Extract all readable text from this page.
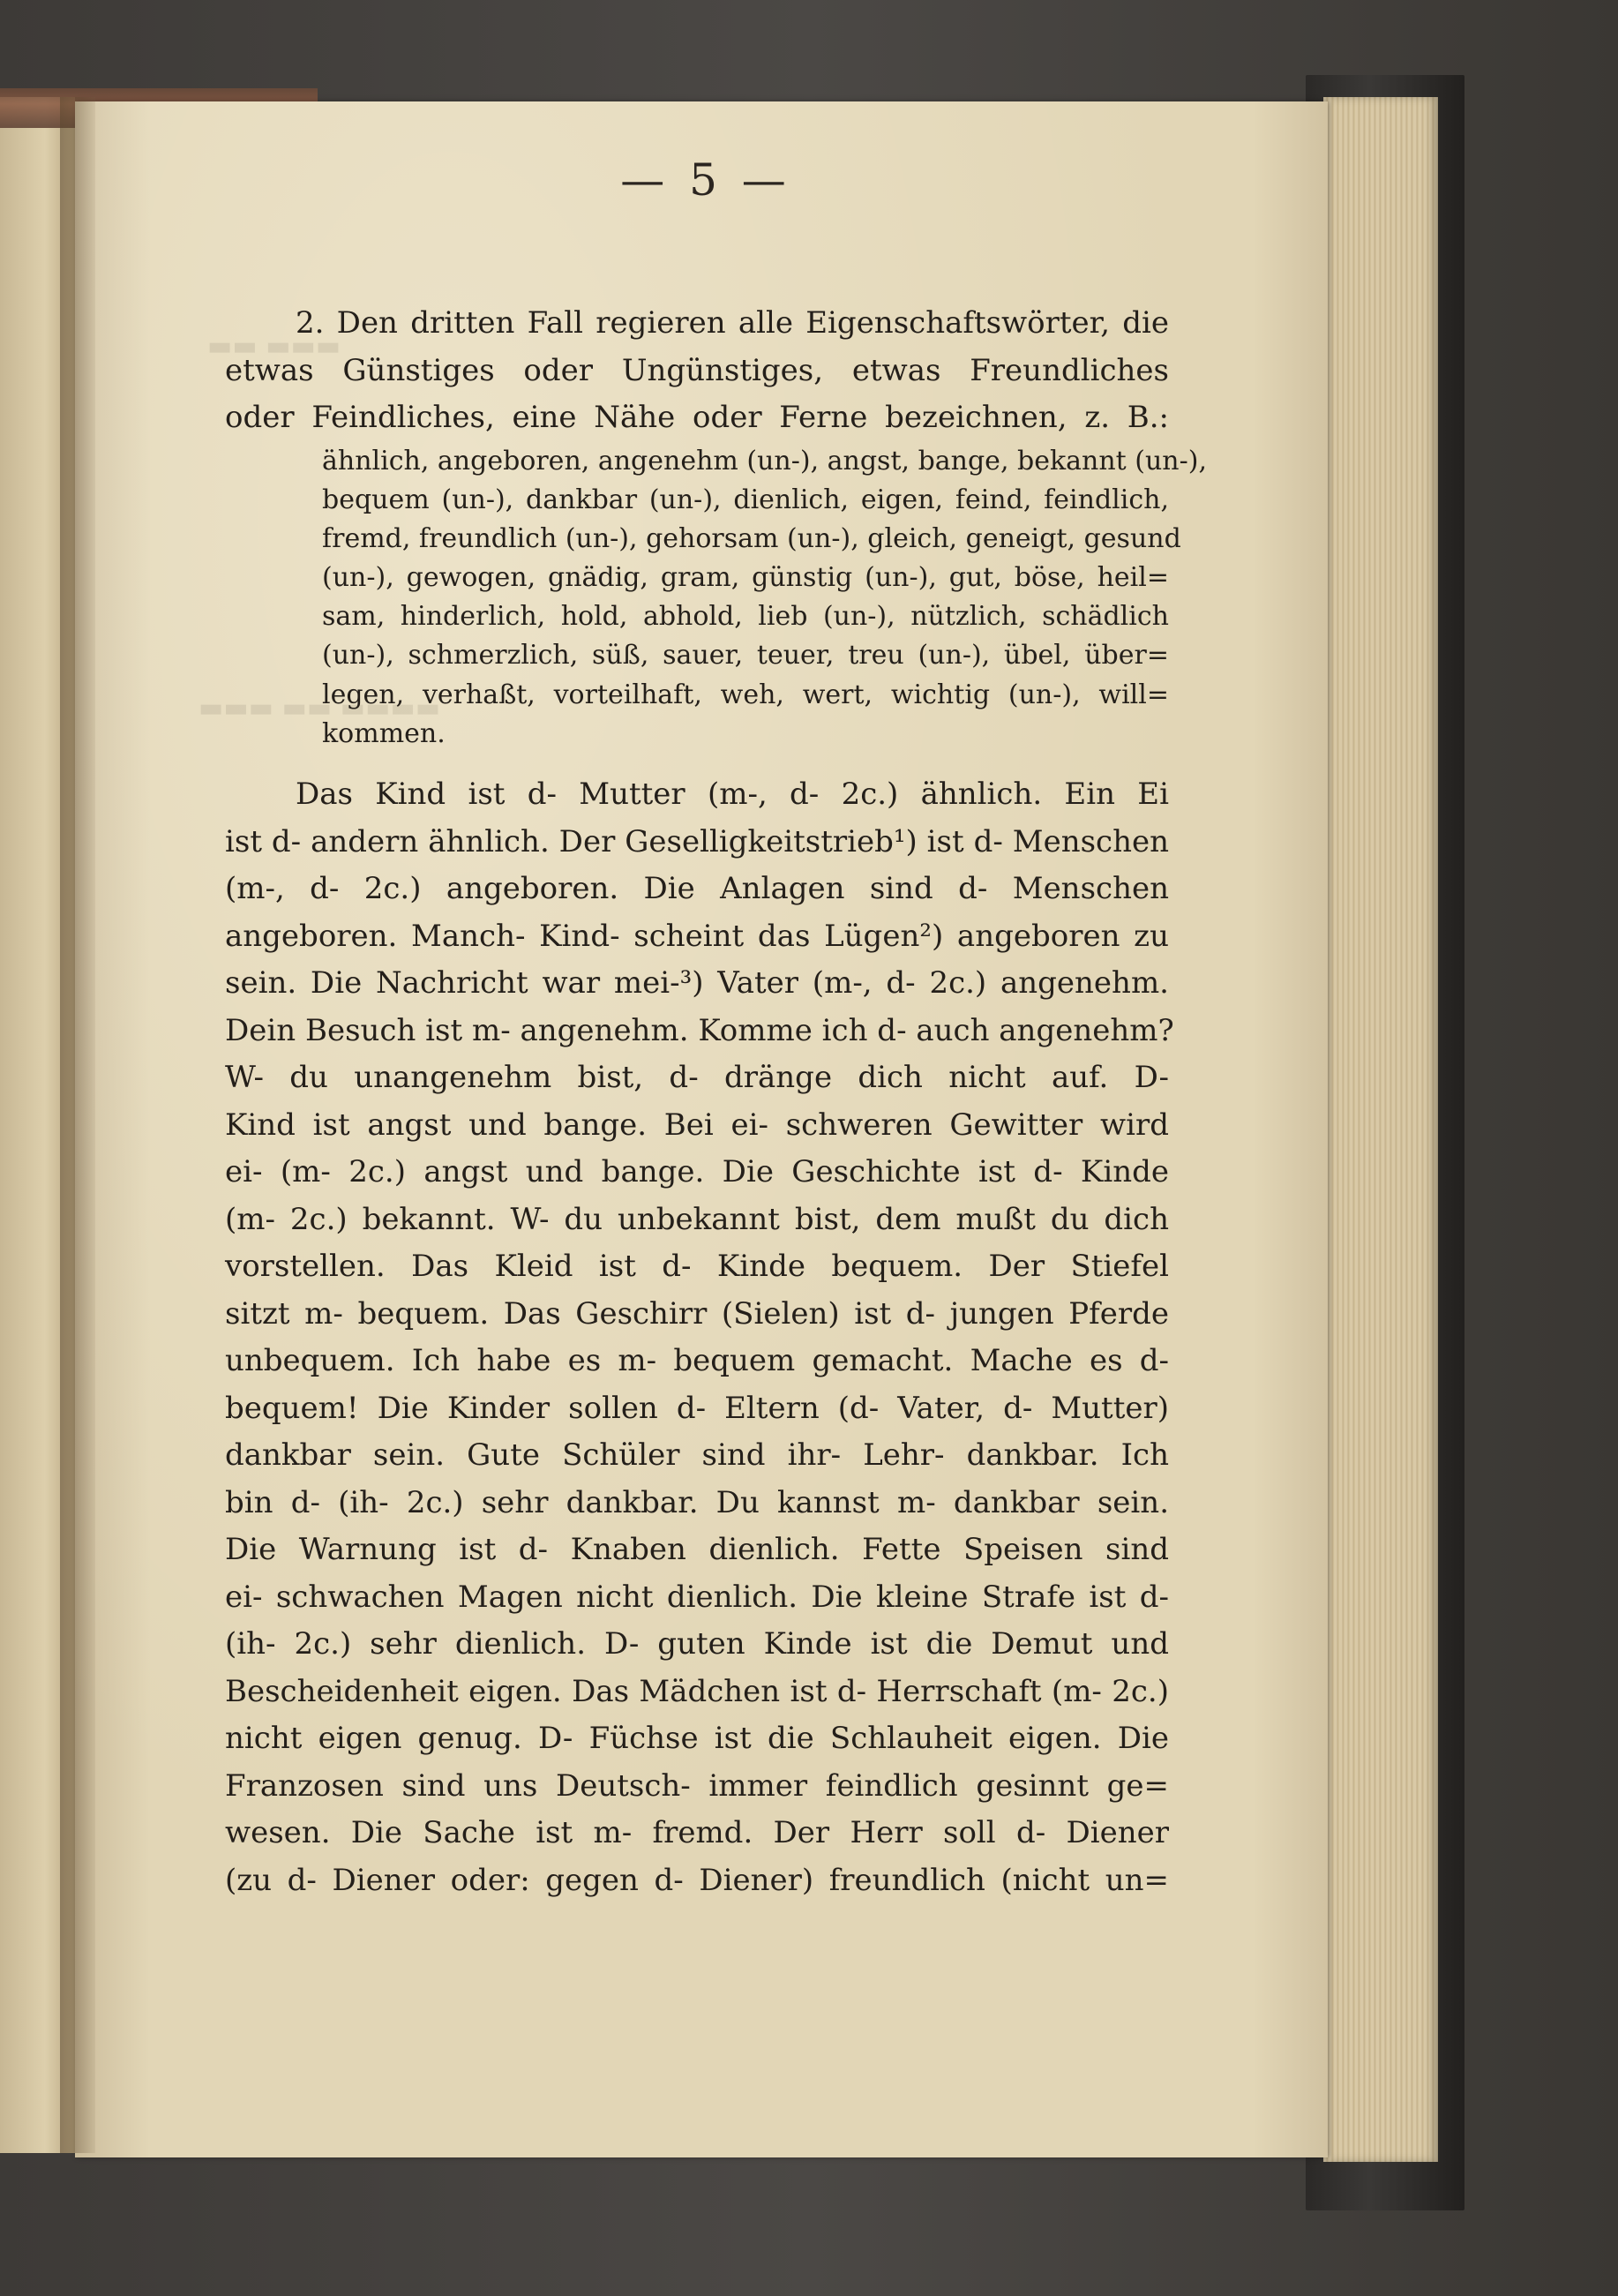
▬▬ ▬▬▬
▬▬▬ ▬▬ ▬▬▬▬
— 5 —
2. Den dritten Fall regieren alle Eigenschaftswörter, die
etwas Günstiges oder Ungünstiges, etwas Freundliches
oder Feindliches, eine Nähe oder Ferne bezeichnen, z. B.:
ähnlich, angeboren, angenehm (un-), angst, bange, bekannt (un-),
bequem (un-), dankbar (un-), dienlich, eigen, feind, feindlich,
fremd, freundlich (un-), gehorsam (un-), gleich, geneigt, gesund
(un-), gewogen, gnädig, gram, günstig (un-), gut, böse, heil=
sam, hinderlich, hold, abhold, lieb (un-), nützlich, schädlich
(un-), schmerzlich, süß, sauer, teuer, treu (un-), übel, über=
legen, verhaßt, vorteilhaft, weh, wert, wichtig (un-), will=
kommen.
Das Kind ist d- Mutter (m-, d- 2c.) ähnlich. Ein Ei
ist d- andern ähnlich. Der Geselligkeitstrieb¹) ist d- Menschen
(m-, d- 2c.) angeboren. Die Anlagen sind d- Menschen
angeboren. Manch- Kind- scheint das Lügen²) angeboren zu
sein. Die Nachricht war mei-³) Vater (m-, d- 2c.) angenehm.
Dein Besuch ist m- angenehm. Komme ich d- auch angenehm?
W- du unangenehm bist, d- dränge dich nicht auf. D-
Kind ist angst und bange. Bei ei- schweren Gewitter wird
ei- (m- 2c.) angst und bange. Die Geschichte ist d- Kinde
(m- 2c.) bekannt. W- du unbekannt bist, dem mußt du dich
vorstellen. Das Kleid ist d- Kinde bequem. Der Stiefel
sitzt m- bequem. Das Geschirr (Sielen) ist d- jungen Pferde
unbequem. Ich habe es m- bequem gemacht. Mache es d-
bequem! Die Kinder sollen d- Eltern (d- Vater, d- Mutter)
dankbar sein. Gute Schüler sind ihr- Lehr- dankbar. Ich
bin d- (ih- 2c.) sehr dankbar. Du kannst m- dankbar sein.
Die Warnung ist d- Knaben dienlich. Fette Speisen sind
ei- schwachen Magen nicht dienlich. Die kleine Strafe ist d-
(ih- 2c.) sehr dienlich. D- guten Kinde ist die Demut und
Bescheidenheit eigen. Das Mädchen ist d- Herrschaft (m- 2c.)
nicht eigen genug. D- Füchse ist die Schlauheit eigen. Die
Franzosen sind uns Deutsch- immer feindlich gesinnt ge=
wesen. Die Sache ist m- fremd. Der Herr soll d- Diener
(zu d- Diener oder: gegen d- Diener) freundlich (nicht un=
